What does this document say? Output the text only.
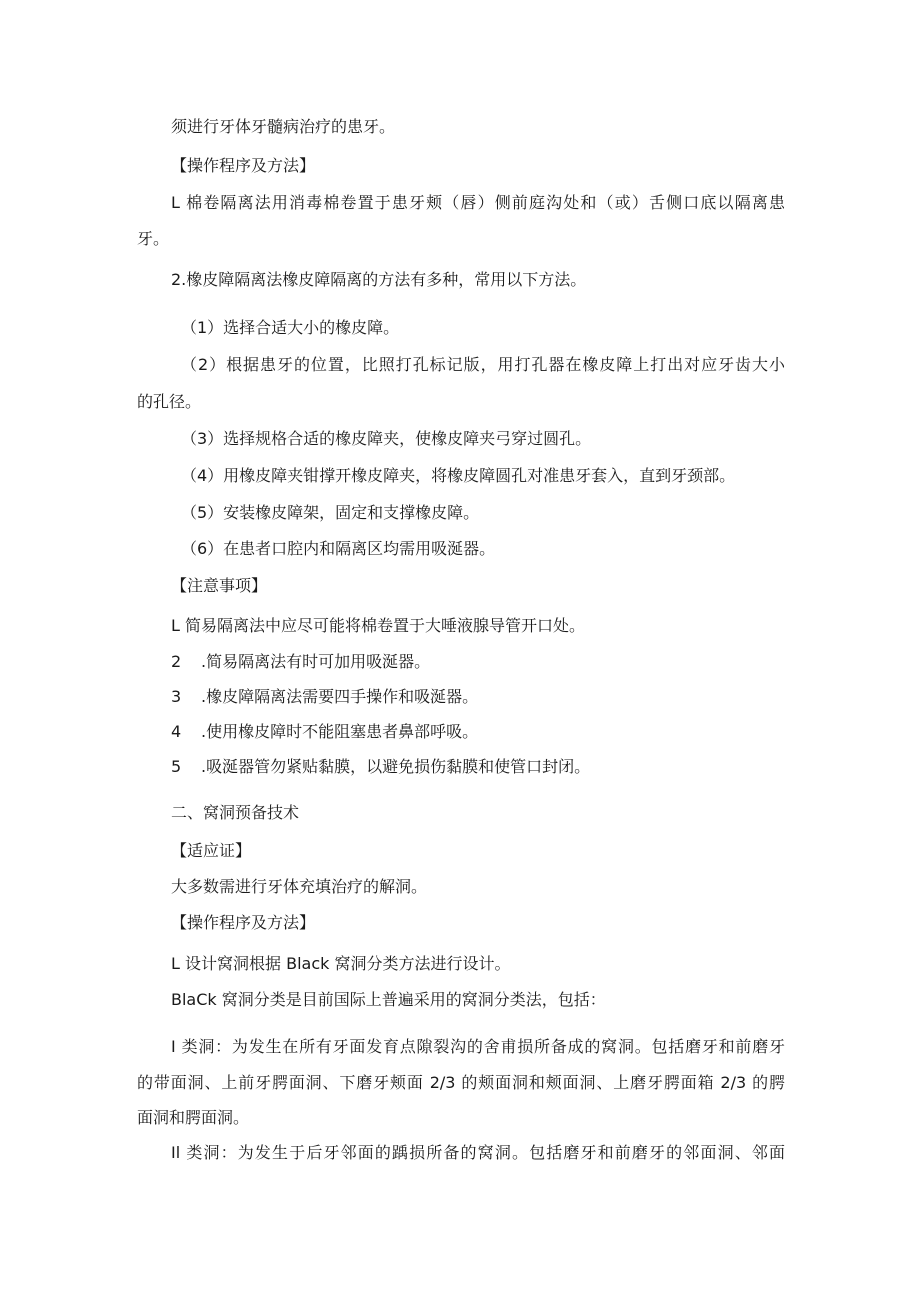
须进行牙体牙髓病治疗的患牙。

【操作程序及方法】

L 棉卷隔离法用消毒棉卷置于患牙颊（唇）侧前庭沟处和（或）舌侧口底以隔离患

牙。

2.橡皮障隔离法橡皮障隔离的方法有多种，常用以下方法。

（1）选择合适大小的橡皮障。

（2）根据患牙的位置，比照打孔标记版，用打孔器在橡皮障上打出对应牙齿大小

的孔径。

（3）选择规格合适的橡皮障夹，使橡皮障夹弓穿过圆孔。

（4）用橡皮障夹钳撑开橡皮障夹，将橡皮障圆孔对准患牙套入，直到牙颈部。

（5）安装橡皮障架，固定和支撑橡皮障。

（6）在患者口腔内和隔离区均需用吸涎器。

【注意事项】

L 简易隔离法中应尽可能将棉卷置于大唾液腺导管开口处。

2 .简易隔离法有时可加用吸涎器。

3 .橡皮障隔离法需要四手操作和吸涎器。

4 .使用橡皮障时不能阻塞患者鼻部呼吸。

5 .吸涎器管勿紧贴黏膜，以避免损伤黏膜和使管口封闭。

二、窝洞预备技术

【适应证】

大多数需进行牙体充填治疗的解洞。

【操作程序及方法】

L 设计窝洞根据 Black 窝洞分类方法进行设计。

BlaCk 窝洞分类是目前国际上普遍采用的窝洞分类法，包括：

I 类洞：为发生在所有牙面发育点隙裂沟的舍甫损所备成的窝洞。包括磨牙和前磨牙

的带面洞、上前牙腭面洞、下磨牙颊面 2/3 的颊面洞和颊面洞、上磨牙腭面箱 2/3 的腭

面洞和腭面洞。

Il 类洞：为发生于后牙邻面的踽损所备的窝洞。包括磨牙和前磨牙的邻面洞、邻面
